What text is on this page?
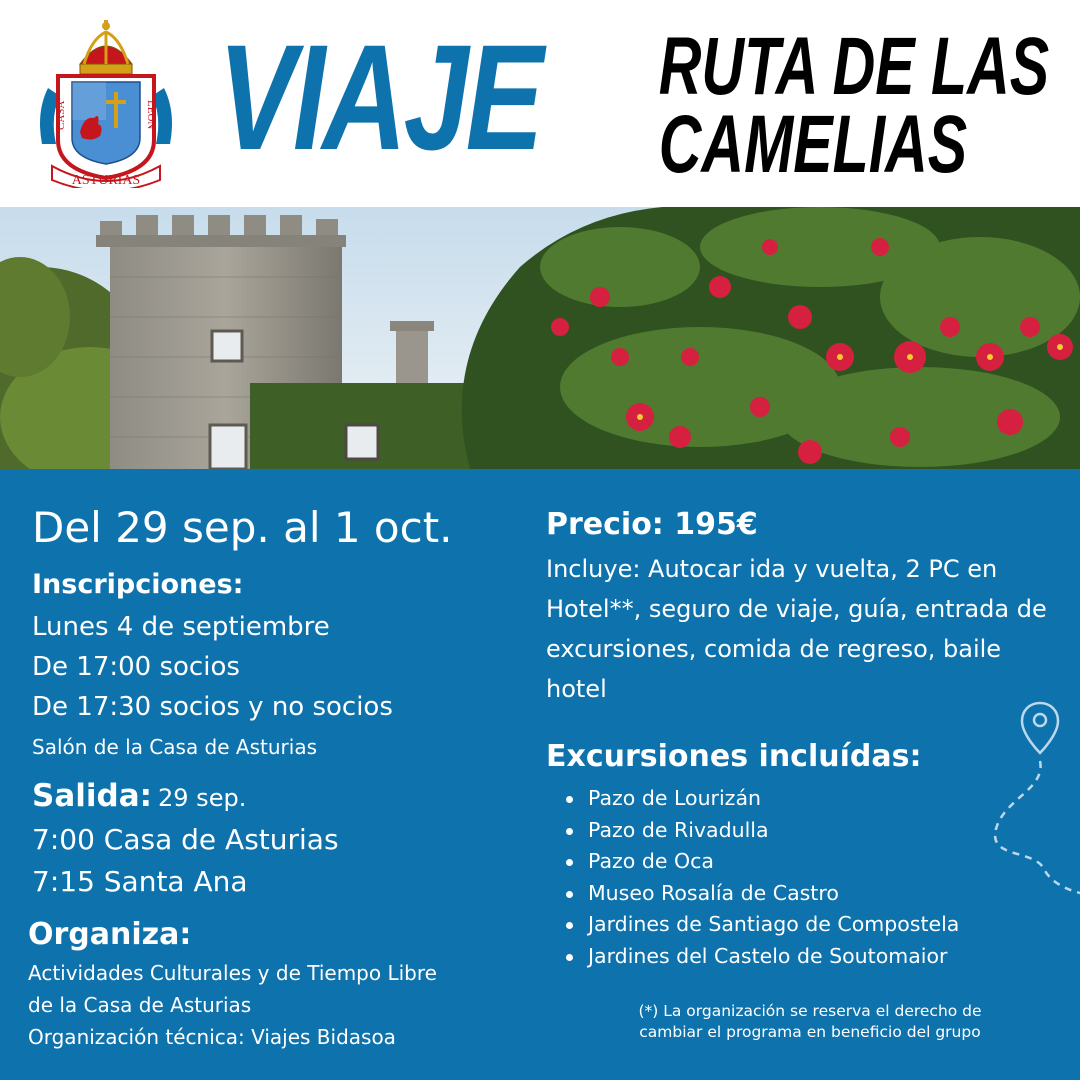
CASA	LEON
ASTURIAS VIAJE RUTA DE LAS
CAMELIAS
Del 29 sep. al 1 oct.
Inscripciones:
Lunes 4 de septiembre
De 17:00 socios
De 17:30 socios y no socios
Salón de la Casa de Asturias
Salida: 29 sep.
7:00 Casa de Asturias
7:15 Santa Ana
Organiza:
Actividades Culturales y de Tiempo Libre
de la Casa de Asturias
Organización técnica: Viajes Bidasoa
Precio: 195€
Incluye: Autocar ida y vuelta, 2 PC en Hotel**, seguro de viaje, guía, entrada de excursiones, comida de regreso, baile hotel
Excursiones incluídas:
Pazo de Lourizán
Pazo de Rivadulla
Pazo de Oca
Museo Rosalía de Castro
Jardines de Santiago de Compostela
Jardines del Castelo de Soutomaior
(*) La organización se reserva el derecho de
cambiar el programa en beneficio del grupo
